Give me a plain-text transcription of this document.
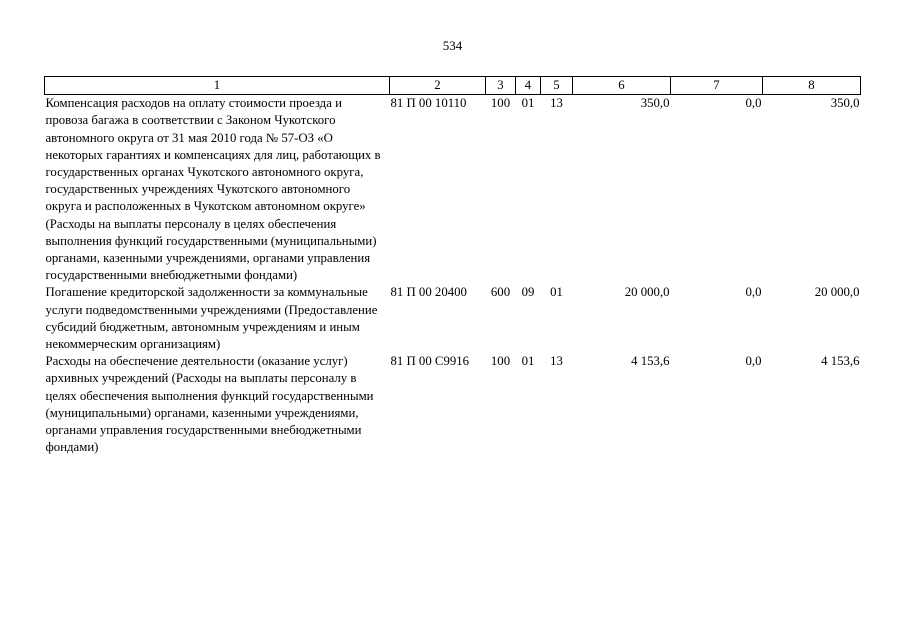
534
1	2	3	4	5	6	7	8
Компенсация расходов на оплату стоимости проезда и провоза багажа в соответствии с Законом Чукотского автономного округа от 31 мая 2010 года № 57-ОЗ «О некоторых гарантиях и компенсациях для лиц, работающих в государственных органах Чукотского автономного округа, государственных учреждениях Чукотского автономного округа и расположенных в Чукотском автономном округе» (Расходы на выплаты персоналу в целях обеспечения выполнения функций государственными (муниципальными) органами, казенными учреждениями, органами управления государственными внебюджетными фондами)	81 П 00 10110	100	01	13	350,0	0,0	350,0
Погашение кредиторской задолженности за коммунальные услуги подведомственными учреждениями (Предоставление субсидий бюджетным, автономным учреждениям и иным некоммерческим организациям)	81 П 00 20400	600	09	01	20 000,0	0,0	20 000,0
Расходы на обеспечение деятельности (оказание услуг) архивных учреждений (Расходы на выплаты персоналу в целях обеспечения выполнения функций государственными (муниципальными) органами, казенными учреждениями, органами управления государственными внебюджетными фондами)	81 П 00 С9916	100	01	13	4 153,6	0,0	4 153,6
